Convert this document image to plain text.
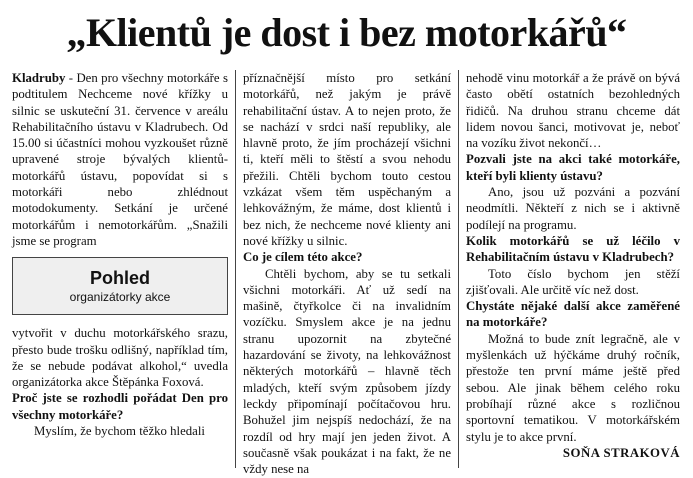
„Klientů je dost i bez motorkářů“

Kladruby - Den pro všechny motorkáře s podtitulem Nechceme nové křížky u silnic se uskuteční 31. července v areálu Rehabilitačního ústavu v Kladrubech. Od 15.00 si účastníci mohou vyzkoušet různě upravené stroje bývalých klientů-motorkářů ústavu, popovídat si s motorkáři nebo zhlédnout motodokumenty. Setkání je určené motorkářům i nemotorkářům. „Snažili jsme se program

Pohled
organizátorky akce

vytvořit v duchu motorkářského srazu, přesto bude trošku odlišný, například tím, že se nebude podávat alkohol,“ uvedla organizátorka akce Štěpánka Foxová.

Proč jste se rozhodli pořádat Den pro všechny motorkáře?

Myslím, že bychom těžko hledali

příznačnější místo pro setkání motorkářů, než jakým je právě rehabilitační ústav. A to nejen proto, že se nachází v srdci naší republiky, ale hlavně proto, že jím procházejí všichni ti, kteří měli to štěstí a svou nehodu přežili. Chtěli bychom touto cestou vzkázat všem těm uspěchaným a lehkovážným, že máme, dost klientů i bez nich, že nechceme nové klienty ani nové křížky u silnic.

Co je cílem této akce?

Chtěli bychom, aby se tu setkali všichni motorkáři. Ať už sedí na mašině, čtyřkolce či na invalidním vozíčku. Smyslem akce je na jednu stranu upozornit na zbytečné hazardování se životy, na lehkovážnost některých motorkářů – hlavně těch mladých, kteří svým způsobem jízdy leckdy připomínají počítačovou hru. Bohužel jim nejspíš nedochází, že na rozdíl od hry mají jen jeden život. A současně však poukázat i na fakt, že ne vždy nese na

nehodě vinu motorkář a že právě on bývá často obětí ostatních bezohledných řidičů. Na druhou stranu chceme dát lidem novou šanci, motivovat je, neboť na vozíku život nekončí…

Pozvali jste na akci také motorkáře, kteří byli klienty ústavu?

Ano, jsou už pozváni a pozvání neodmítli. Někteří z nich se i aktivně podílejí na programu.

Kolik motorkářů se už léčilo v Rehabilitačním ústavu v Kladrubech?

Toto číslo bychom jen stěží zjišťovali. Ale určitě víc než dost.

Chystáte nějaké další akce zaměřené na motorkáře?

Možná to bude znít legračně, ale v myšlenkách už hýčkáme druhý ročník, přestože ten první máme ještě před sebou. Ale jinak během celého roku probíhají různé akce s rozličnou sportovní tematikou. V motorkářském stylu je to akce první.

SOŇA STRAKOVÁ
